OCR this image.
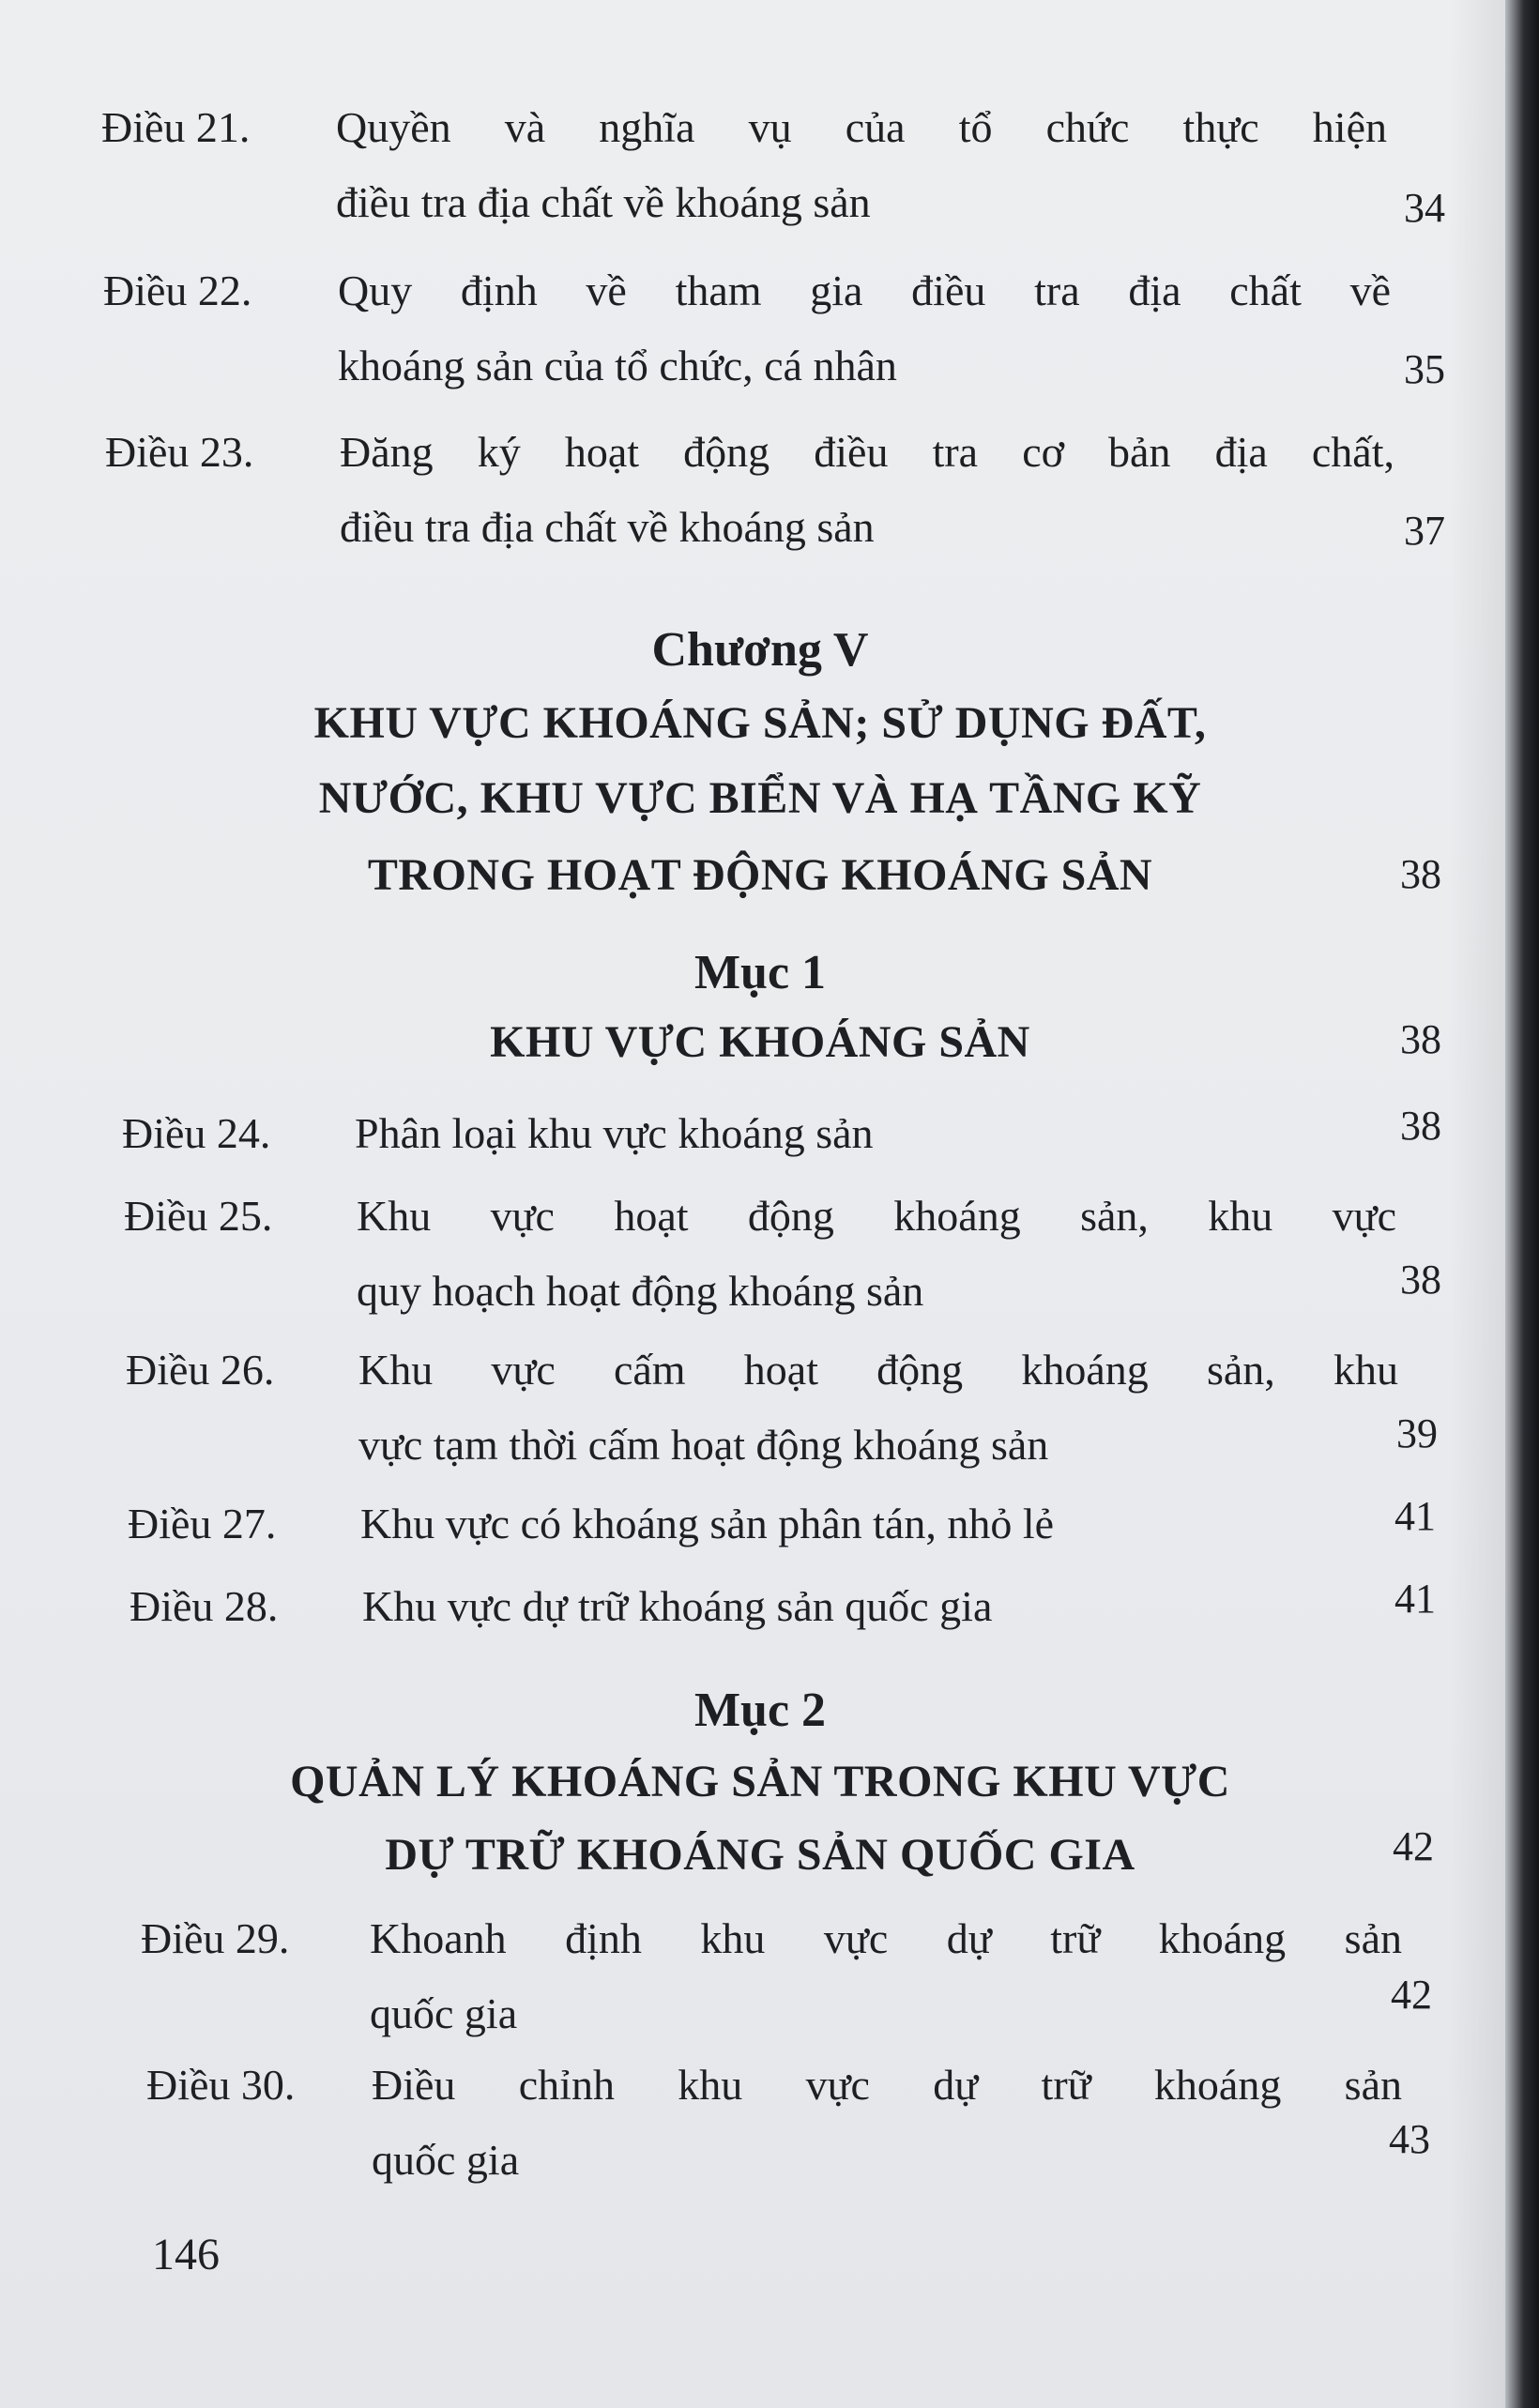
Điều 21. Quyền và nghĩa vụ của tổ chức thực hiện
điều tra địa chất về khoáng sản	34
Điều 22. Quy định về tham gia điều tra địa chất về
khoáng sản của tổ chức, cá nhân	35
Điều 23. Đăng ký hoạt động điều tra cơ bản địa chất,
điều tra địa chất về khoáng sản	37
Chương V
KHU VỰC KHOÁNG SẢN; SỬ DỤNG ĐẤT,
NƯỚC, KHU VỰC BIỂN VÀ HẠ TẦNG KỸ
TRONG HOẠT ĐỘNG KHOÁNG SẢN	38
Mục 1
KHU VỰC KHOÁNG SẢN	38
Điều 24. Phân loại khu vực khoáng sản	38
Điều 25. Khu vực hoạt động khoáng sản, khu vực
quy hoạch hoạt động khoáng sản	38
Điều 26. Khu vực cấm hoạt động khoáng sản, khu
vực tạm thời cấm hoạt động khoáng sản	39
Điều 27. Khu vực có khoáng sản phân tán, nhỏ lẻ	41
Điều 28. Khu vực dự trữ khoáng sản quốc gia	41
Mục 2
QUẢN LÝ KHOÁNG SẢN TRONG KHU VỰC
DỰ TRỮ KHOÁNG SẢN QUỐC GIA	42
Điều 29. Khoanh định khu vực dự trữ khoáng sản
quốc gia	42
Điều 30. Điều chỉnh khu vực dự trữ khoáng sản
quốc gia	43
146
